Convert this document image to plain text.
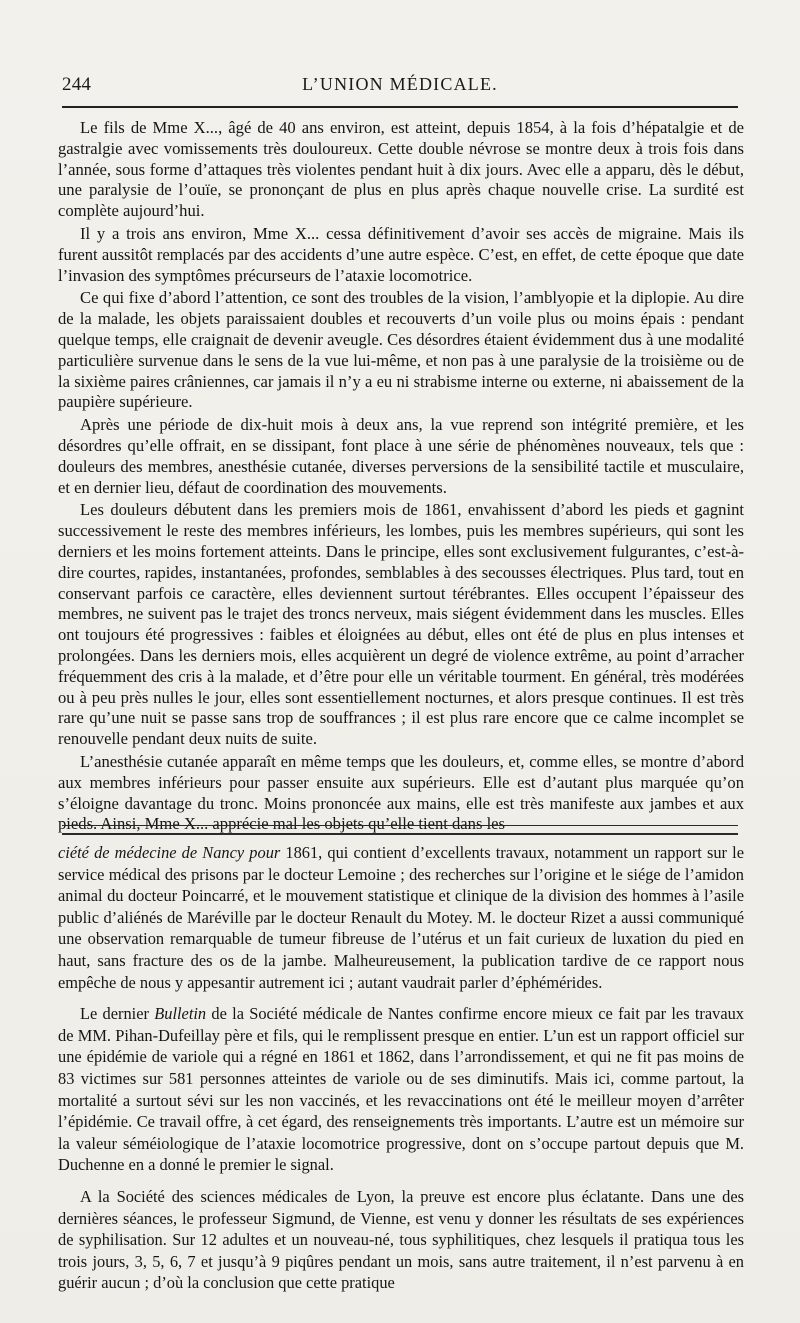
244	L’UNION MÉDICALE.

Le fils de Mme X..., âgé de 40 ans environ, est atteint, depuis 1854, à la fois d’hépatalgie et de gastralgie avec vomissements très douloureux. Cette double névrose se montre deux à trois fois dans l’année, sous forme d’attaques très violentes pendant huit à dix jours. Avec elle a apparu, dès le début, une paralysie de l’ouïe, se prononçant de plus en plus après chaque nouvelle crise. La surdité est complète aujourd’hui.

Il y a trois ans environ, Mme X... cessa définitivement d’avoir ses accès de migraine. Mais ils furent aussitôt remplacés par des accidents d’une autre espèce. C’est, en effet, de cette époque que date l’invasion des symptômes précurseurs de l’ataxie locomotrice.

Ce qui fixe d’abord l’attention, ce sont des troubles de la vision, l’amblyopie et la diplopie. Au dire de la malade, les objets paraissaient doubles et recouverts d’un voile plus ou moins épais : pendant quelque temps, elle craignait de devenir aveugle. Ces désordres étaient évidemment dus à une modalité particulière survenue dans le sens de la vue lui-même, et non pas à une paralysie de la troisième ou de la sixième paires crâniennes, car jamais il n’y a eu ni strabisme interne ou externe, ni abaissement de la paupière supérieure.

Après une période de dix-huit mois à deux ans, la vue reprend son intégrité première, et les désordres qu’elle offrait, en se dissipant, font place à une série de phénomènes nouveaux, tels que : douleurs des membres, anesthésie cutanée, diverses perversions de la sensibilité tactile et musculaire, et en dernier lieu, défaut de coordination des mouvements.

Les douleurs débutent dans les premiers mois de 1861, envahissent d’abord les pieds et gagnint successivement le reste des membres inférieurs, les lombes, puis les membres supérieurs, qui sont les derniers et les moins fortement atteints. Dans le principe, elles sont exclusivement fulgurantes, c’est-à-dire courtes, rapides, instantanées, profondes, semblables à des secousses électriques. Plus tard, tout en conservant parfois ce caractère, elles deviennent surtout térébrantes. Elles occupent l’épaisseur des membres, ne suivent pas le trajet des troncs nerveux, mais siégent évidemment dans les muscles. Elles ont toujours été progressives : faibles et éloignées au début, elles ont été de plus en plus intenses et prolongées. Dans les derniers mois, elles acquièrent un degré de violence extrême, au point d’arracher fréquemment des cris à la malade, et d’être pour elle un véritable tourment. En général, très modérées ou à peu près nulles le jour, elles sont essentiellement nocturnes, et alors presque continues. Il est très rare qu’une nuit se passe sans trop de souffrances ; il est plus rare encore que ce calme incomplet se renouvelle pendant deux nuits de suite.

L’anesthésie cutanée apparaît en même temps que les douleurs, et, comme elles, se montre d’abord aux membres inférieurs pour passer ensuite aux supérieurs. Elle est d’autant plus marquée qu’on s’éloigne davantage du tronc. Moins prononcée aux mains, elle est très manifeste aux jambes et aux pieds. Ainsi, Mme X... apprécie mal les objets qu’elle tient dans les

ciété de médecine de Nancy pour 1861, qui contient d’excellents travaux, notamment un rapport sur le service médical des prisons par le docteur Lemoine ; des recherches sur l’origine et le siége de l’amidon animal du docteur Poincarré, et le mouvement statistique et clinique de la division des hommes à l’asile public d’aliénés de Maréville par le docteur Renault du Motey. M. le docteur Rizet a aussi communiqué une observation remarquable de tumeur fibreuse de l’utérus et un fait curieux de luxation du pied en haut, sans fracture des os de la jambe. Malheureusement, la publication tardive de ce rapport nous empêche de nous y appesantir autrement ici ; autant vaudrait parler d’éphémérides.

Le dernier Bulletin de la Société médicale de Nantes confirme encore mieux ce fait par les travaux de MM. Pihan-Dufeillay père et fils, qui le remplissent presque en entier. L’un est un rapport officiel sur une épidémie de variole qui a régné en 1861 et 1862, dans l’arrondissement, et qui ne fit pas moins de 83 victimes sur 581 personnes atteintes de variole ou de ses diminutifs. Mais ici, comme partout, la mortalité a surtout sévi sur les non vaccinés, et les revaccinations ont été le meilleur moyen d’arrêter l’épidémie. Ce travail offre, à cet égard, des renseignements très importants. L’autre est un mémoire sur la valeur séméiologique de l’ataxie locomotrice progressive, dont on s’occupe partout depuis que M. Duchenne en a donné le premier le signal.

A la Société des sciences médicales de Lyon, la preuve est encore plus éclatante. Dans une des dernières séances, le professeur Sigmund, de Vienne, est venu y donner les résultats de ses expériences de syphilisation. Sur 12 adultes et un nouveau-né, tous syphilitiques, chez lesquels il pratiqua tous les trois jours, 3, 5, 6, 7 et jusqu’à 9 piqûres pendant un mois, sans autre traitement, il n’est parvenu à en guérir aucun ; d’où la conclusion que cette pratique
